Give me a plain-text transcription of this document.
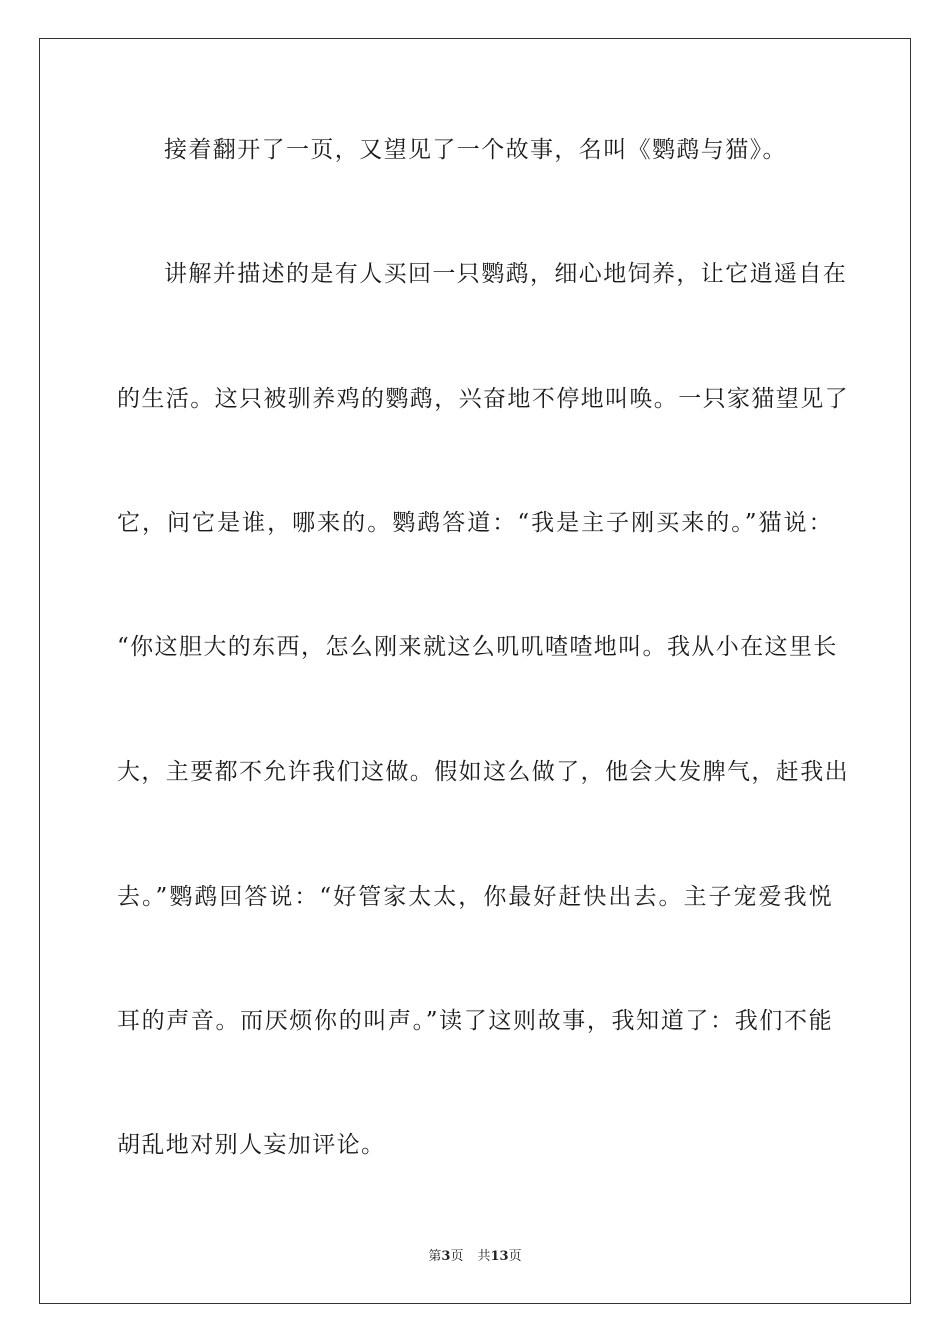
接着翻开了一页，又望见了一个故事，名叫《鹦鹉与猫》。
讲解并描述的是有人买回一只鹦鹉，细心地饲养，让它逍遥自在
的生活。这只被驯养鸡的鹦鹉，兴奋地不停地叫唤。一只家猫望见了
它，问它是谁，哪来的。鹦鹉答道：“我是主子刚买来的。”猫说：
“你这胆大的东西，怎么刚来就这么叽叽喳喳地叫。我从小在这里长
大，主要都不允许我们这做。假如这么做了，他会大发脾气，赶我出
去。”鹦鹉回答说：“好管家太太，你最好赶快出去。主子宠爱我悦
耳的声音。而厌烦你的叫声。”读了这则故事，我知道了：我们不能
胡乱地对别人妄加评论。
第3页 共13页
